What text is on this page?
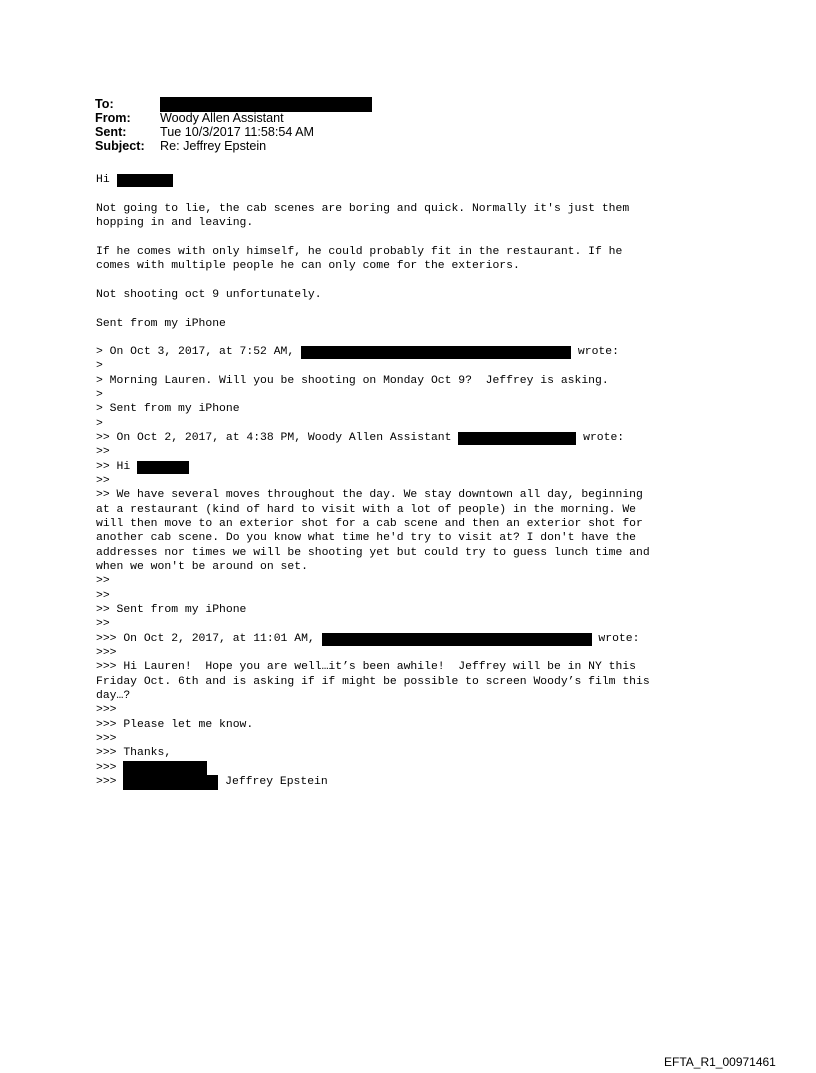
To:
From:	Woody Allen Assistant
Sent:	Tue 10/3/2017 11:58:54 AM
Subject:	Re: Jeffrey Epstein

Hi

Not going to lie, the cab scenes are boring and quick. Normally it's just them

hopping in and leaving.

If he comes with only himself, he could probably fit in the restaurant. If he

comes with multiple people he can only come for the exteriors.

Not shooting oct 9 unfortunately.

Sent from my iPhone

> On Oct 3, 2017, at 7:52 AM,	wrote:

>

> Morning Lauren. Will you be shooting on Monday Oct 9?  Jeffrey is asking.

>

> Sent from my iPhone

>

>> On Oct 2, 2017, at 4:38 PM, Woody Allen Assistant	wrote:

>>

>> Hi

>>

>> We have several moves throughout the day. We stay downtown all day, beginning

at a restaurant (kind of hard to visit with a lot of people) in the morning. We

will then move to an exterior shot for a cab scene and then an exterior shot for

another cab scene. Do you know what time he'd try to visit at? I don't have the

addresses nor times we will be shooting yet but could try to guess lunch time and

when we won't be around on set.

>>

>>

>> Sent from my iPhone

>>

>>> On Oct 2, 2017, at 11:01 AM,	wrote:

>>>

>>> Hi Lauren!  Hope you are well…it’s been awhile!  Jeffrey will be in NY this

Friday Oct. 6th and is asking if if might be possible to screen Woody’s film this

day…?

>>>

>>> Please let me know.

>>>

>>> Thanks,

>>>

>>>	Jeffrey Epstein

EFTA_R1_00971461
